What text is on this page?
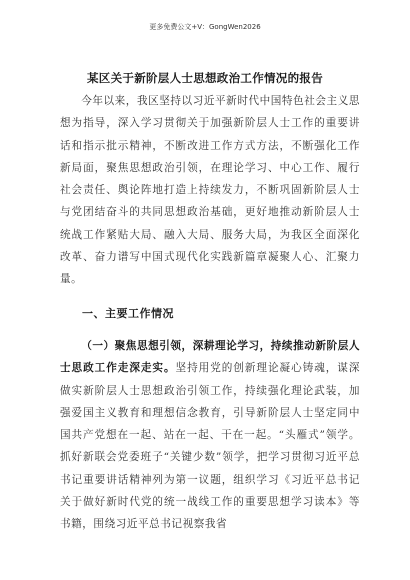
更多免费公文+V：GongWen2026
某区关于新阶层人士思想政治工作情况的报告
今年以来，我区坚持以习近平新时代中国特色社会主义思想为指导，深入学习贯彻关于加强新阶层人士工作的重要讲话和指示批示精神，不断改进工作方式方法，不断强化工作新局面，聚焦思想政治引领，在理论学习、中心工作、履行社会责任、舆论阵地打造上持续发力，不断巩固新阶层人士与党团结奋斗的共同思想政治基础，更好地推动新阶层人士统战工作紧贴大局、融入大局、服务大局，为我区全面深化改革、奋力谱写中国式现代化实践新篇章凝聚人心、汇聚力量。
一、主要工作情况
（一）聚焦思想引领，深耕理论学习，持续推动新阶层人士思政工作走深走实。坚持用党的创新理论凝心铸魂，谋深做实新阶层人士思想政治引领工作，持续强化理论武装，加强爱国主义教育和理想信念教育，引导新阶层人士坚定同中国共产党想在一起、站在一起、干在一起。“头雁式”领学。抓好新联会党委班子“关键少数”领学，把学习贯彻习近平总书记重要讲话精神列为第一议题，组织学习《习近平总书记关于做好新时代党的统一战线工作的重要思想学习读本》等书籍，围绕习近平总书记视察我省
